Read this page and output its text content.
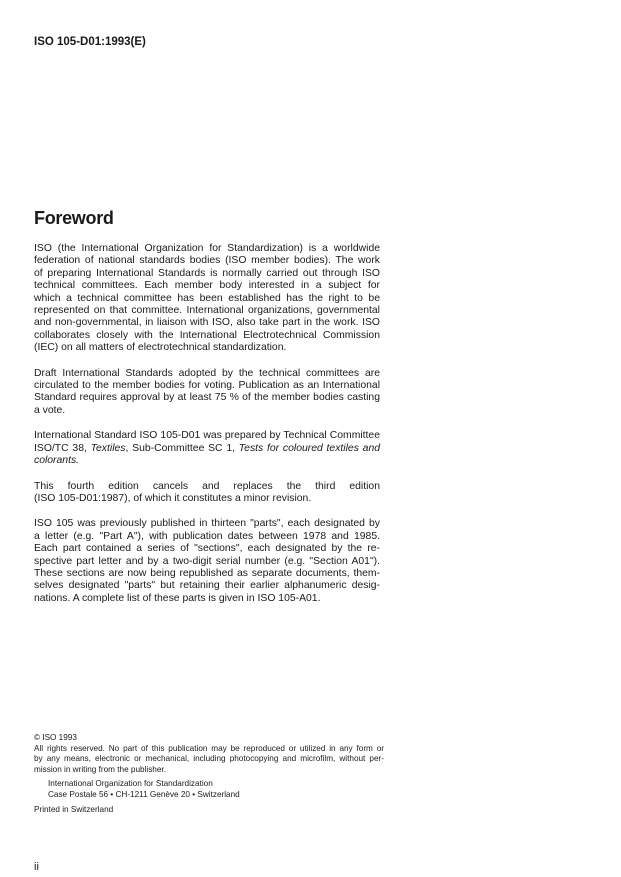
ISO 105-D01:1993(E)
Foreword
ISO (the International Organization for Standardization) is a worldwide
federation of national standards bodies (ISO member bodies). The work
of preparing International Standards is normally carried out through ISO
technical committees. Each member body interested in a subject for
which a technical committee has been established has the right to be
represented on that committee. International organizations, governmental
and non-governmental, in liaison with ISO, also take part in the work. ISO
collaborates closely with the International Electrotechnical Commission
(IEC) on all matters of electrotechnical standardization.
Draft International Standards adopted by the technical committees are
circulated to the member bodies for voting. Publication as an International
Standard requires approval by at least 75 % of the member bodies casting
a vote.
International Standard ISO 105-D01 was prepared by Technical Committee
ISO/TC 38, Textiles, Sub-Committee SC 1, Tests for coloured textiles and
colorants.
This fourth edition cancels and replaces the third edition
(ISO 105-D01:1987), of which it constitutes a minor revision.
ISO 105 was previously published in thirteen "parts", each designated by
a letter (e.g. "Part A"), with publication dates between 1978 and 1985.
Each part contained a series of "sections", each designated by the re-
spective part letter and by a two-digit serial number (e.g. "Section A01").
These sections are now being republished as separate documents, them-
selves designated "parts" but retaining their earlier alphanumeric desig-
nations. A complete list of these parts is given in ISO 105-A01.
© ISO 1993
All rights reserved. No part of this publication may be reproduced or utilized in any form or
by any means, electronic or mechanical, including photocopying and microfilm, without per-
mission in writing from the publisher.
International Organization for Standardization
Case Postale 56 • CH-1211 Genève 20 • Switzerland
Printed in Switzerland
ii
